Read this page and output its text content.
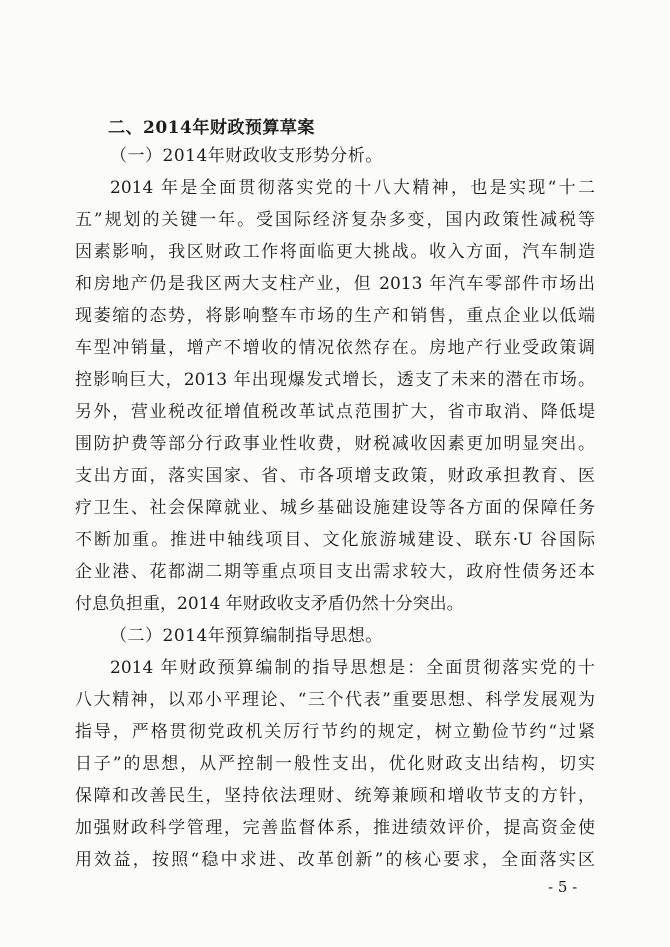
二、2014年财政预算草案
（一）2014年财政收支形势分析。
2014 年是全面贯彻落实党的十八大精神，也是实现“十二
五”规划的关键一年。受国际经济复杂多变，国内政策性减税等
因素影响，我区财政工作将面临更大挑战。收入方面，汽车制造
和房地产仍是我区两大支柱产业，但 2013 年汽车零部件市场出
现萎缩的态势，将影响整车市场的生产和销售，重点企业以低端
车型冲销量，增产不增收的情况依然存在。房地产行业受政策调
控影响巨大，2013 年出现爆发式增长，透支了未来的潜在市场。
另外，营业税改征增值税改革试点范围扩大，省市取消、降低堤
围防护费等部分行政事业性收费，财税减收因素更加明显突出。
支出方面，落实国家、省、市各项增支政策，财政承担教育、医
疗卫生、社会保障就业、城乡基础设施建设等各方面的保障任务
不断加重。推进中轴线项目、文化旅游城建设、联东·U 谷国际
企业港、花都湖二期等重点项目支出需求较大，政府性债务还本
付息负担重，2014 年财政收支矛盾仍然十分突出。
（二）2014年预算编制指导思想。
2014 年财政预算编制的指导思想是：全面贯彻落实党的十
八大精神，以邓小平理论、“三个代表”重要思想、科学发展观为
指导，严格贯彻党政机关厉行节约的规定，树立勤俭节约“过紧
日子”的思想，从严控制一般性支出，优化财政支出结构，切实
保障和改善民生，坚持依法理财、统筹兼顾和增收节支的方针，
加强财政科学管理，完善监督体系，推进绩效评价，提高资金使
用效益，按照“稳中求进、改革创新”的核心要求，全面落实区
- 5 -
